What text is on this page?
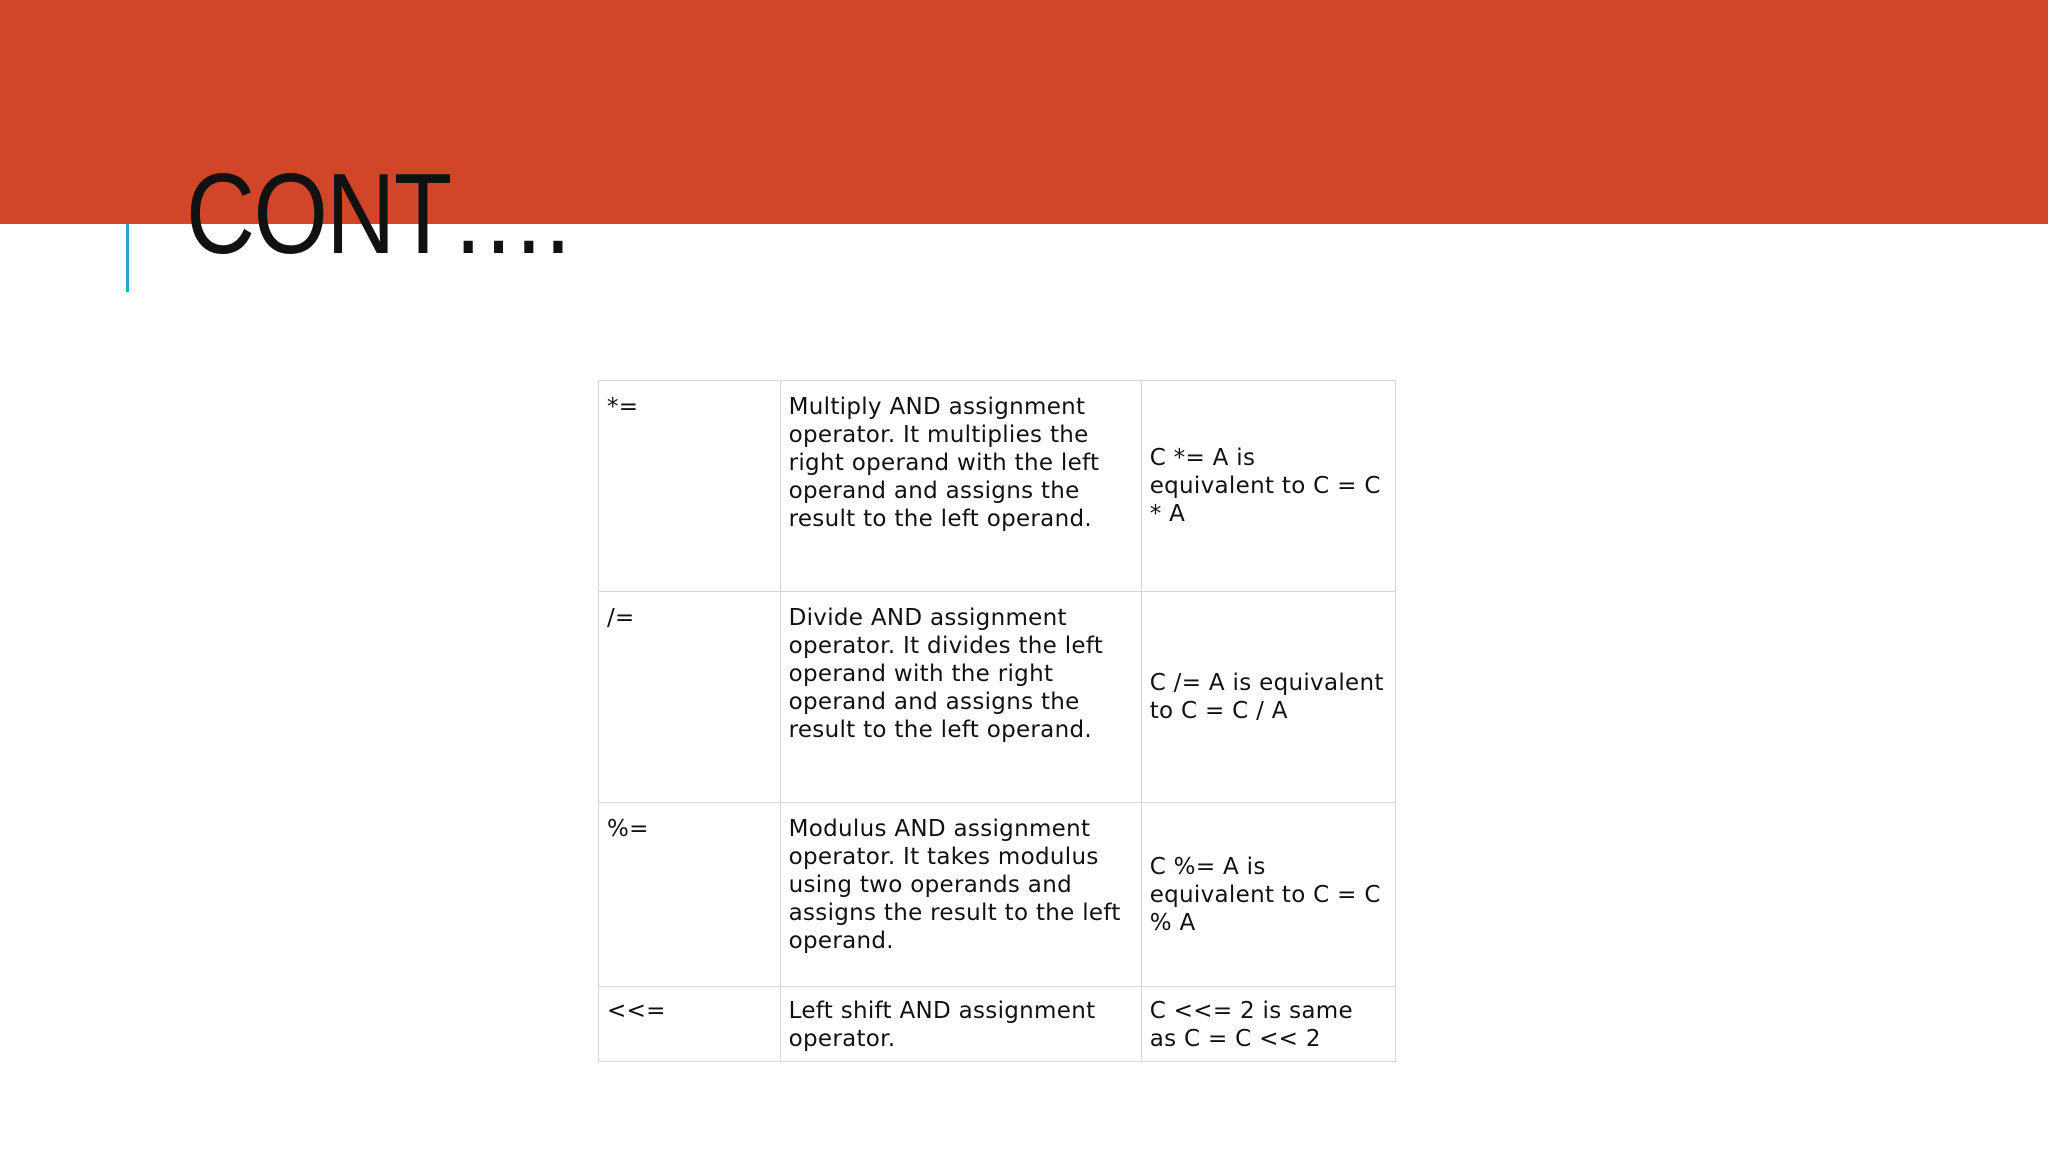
CONT….
*=	Multiply AND assignment operator. It multiplies the right operand with the left operand and assigns the result to the left operand.	C *= A is equivalent to C = C * A
/=	Divide AND assignment operator. It divides the left operand with the right operand and assigns the result to the left operand.	C /= A is equivalent to C = C / A
%=	Modulus AND assignment operator. It takes modulus using two operands and assigns the result to the left operand.	C %= A is equivalent to C = C % A
<<=	Left shift AND assignment operator.	C <<= 2 is same as C = C << 2
